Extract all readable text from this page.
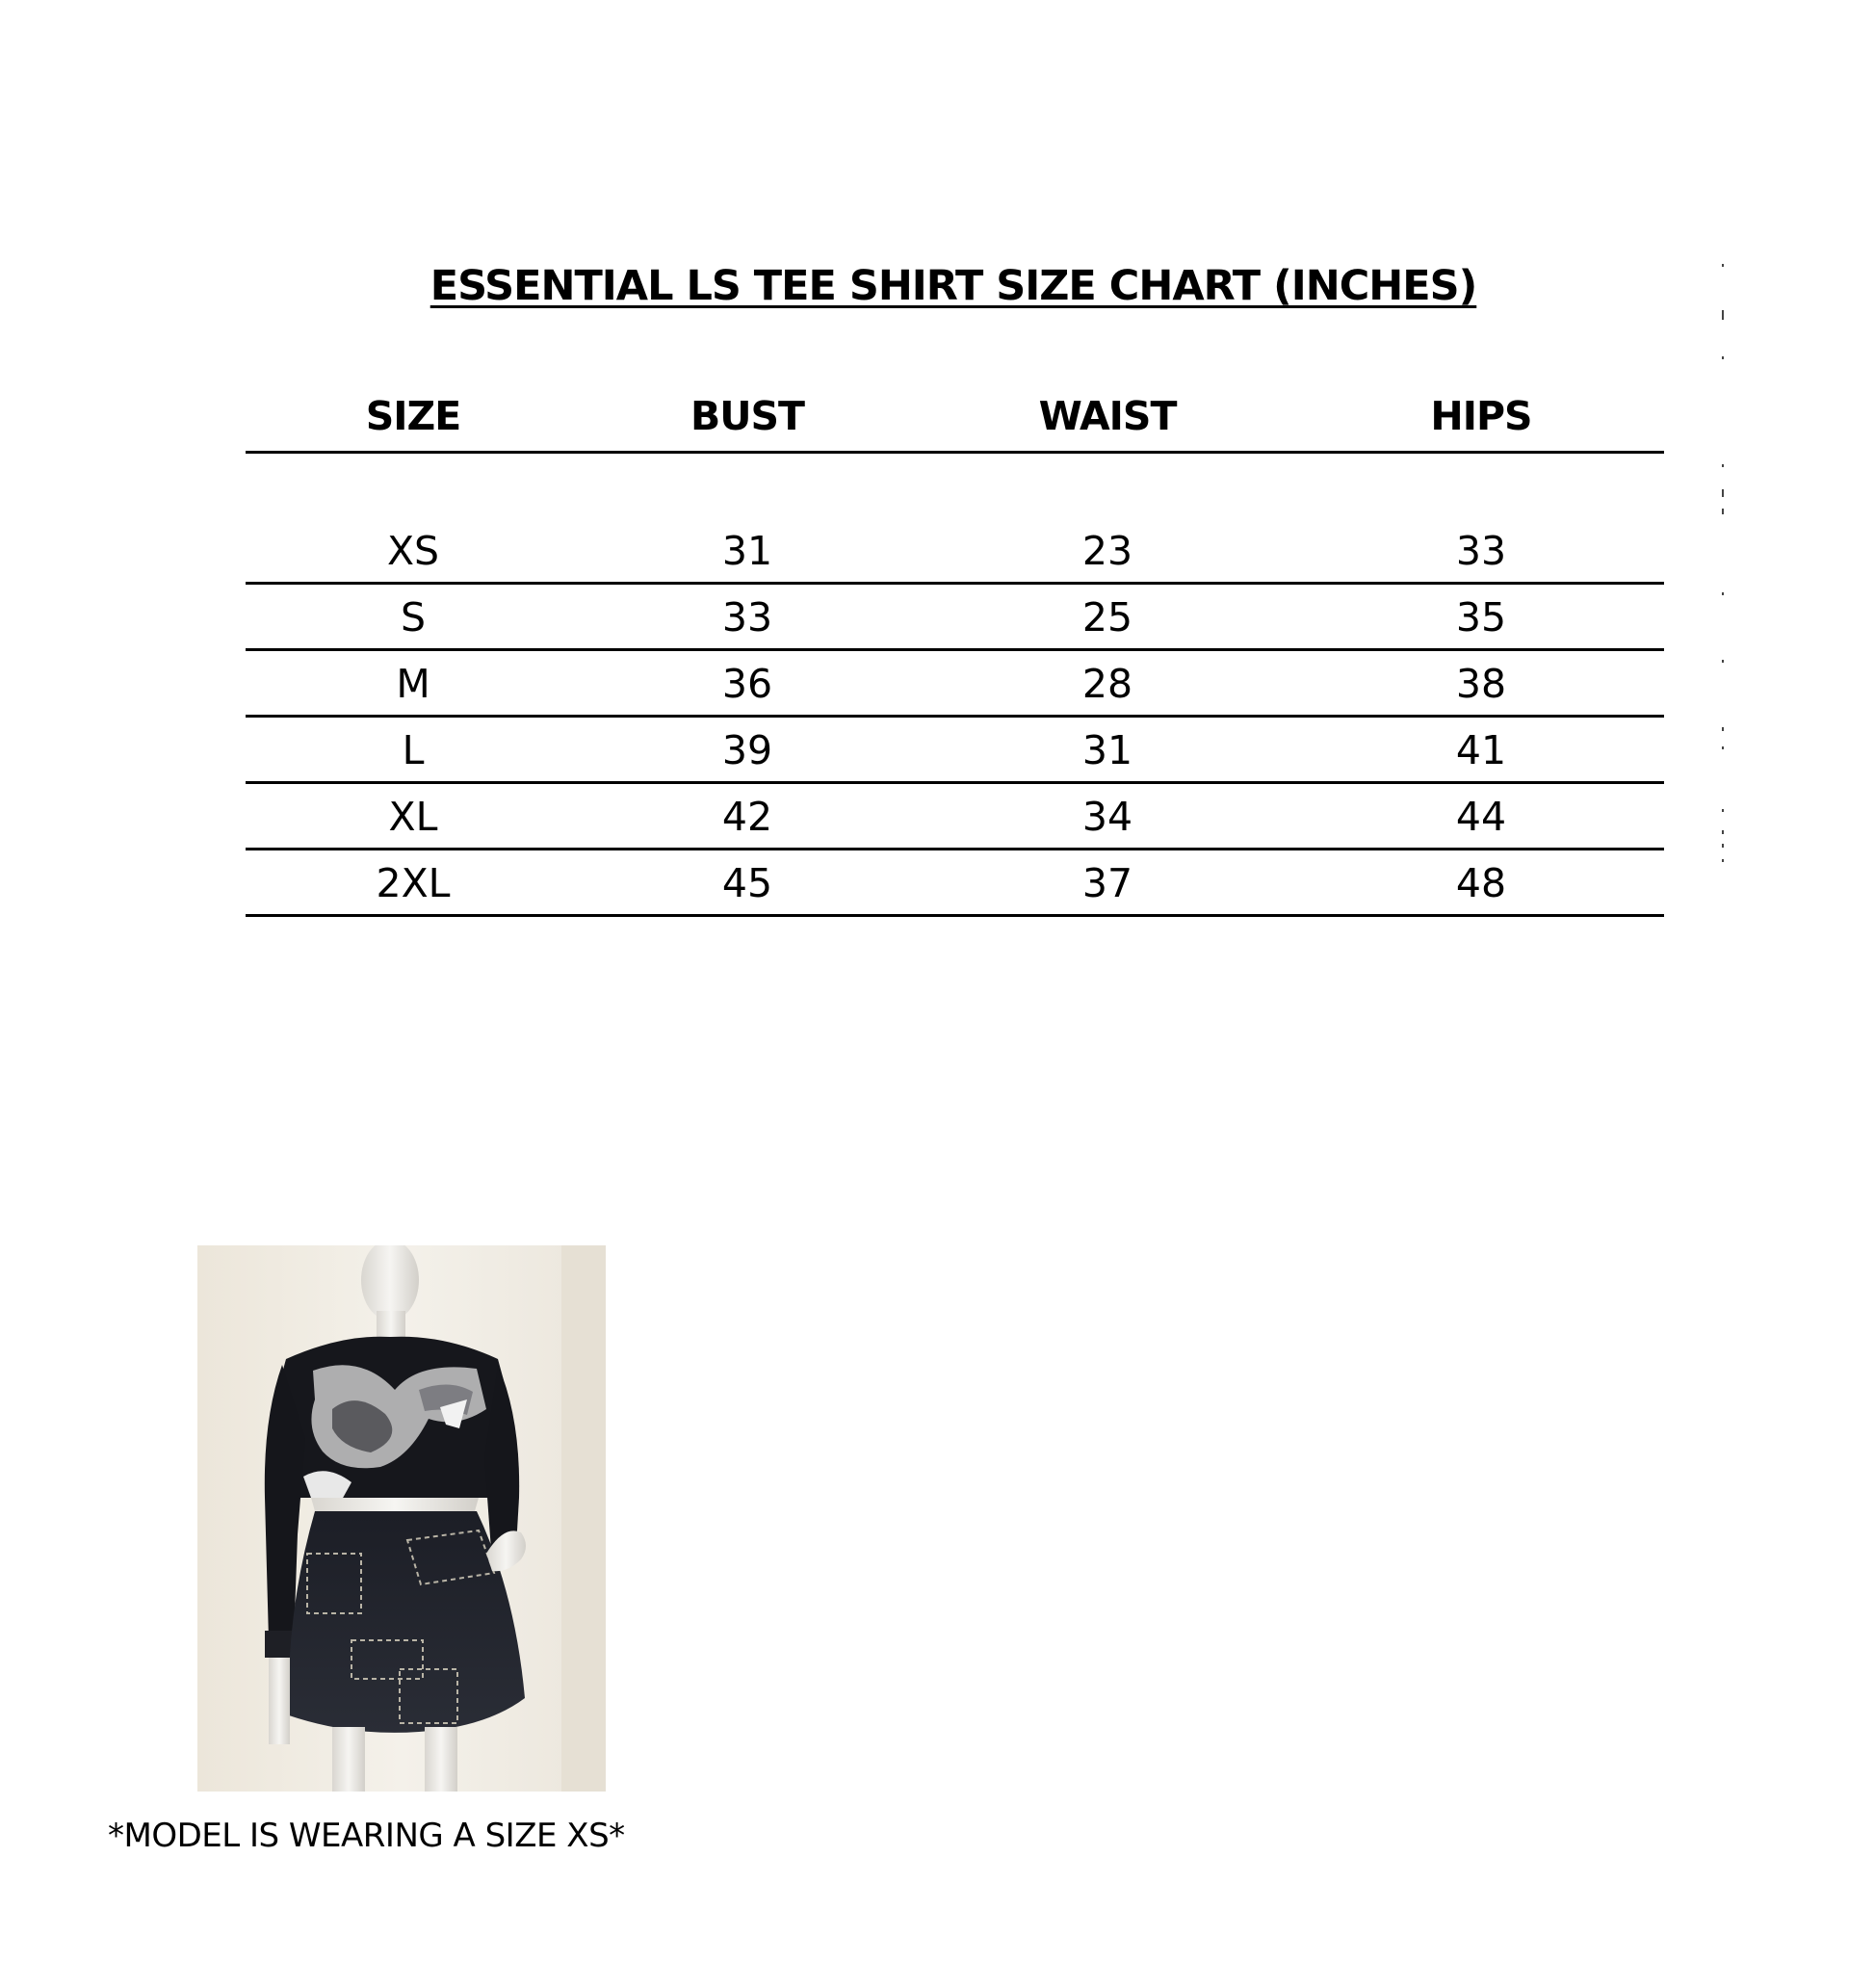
ESSENTIAL LS TEE SHIRT SIZE CHART (INCHES)
SIZE	BUST	WAIST	HIPS
XS	31	23	33
S	33	25	35
M	36	28	38
L	39	31	41
XL	42	34	44
2XL	45	37	48
*MODEL IS WEARING A SIZE XS*
